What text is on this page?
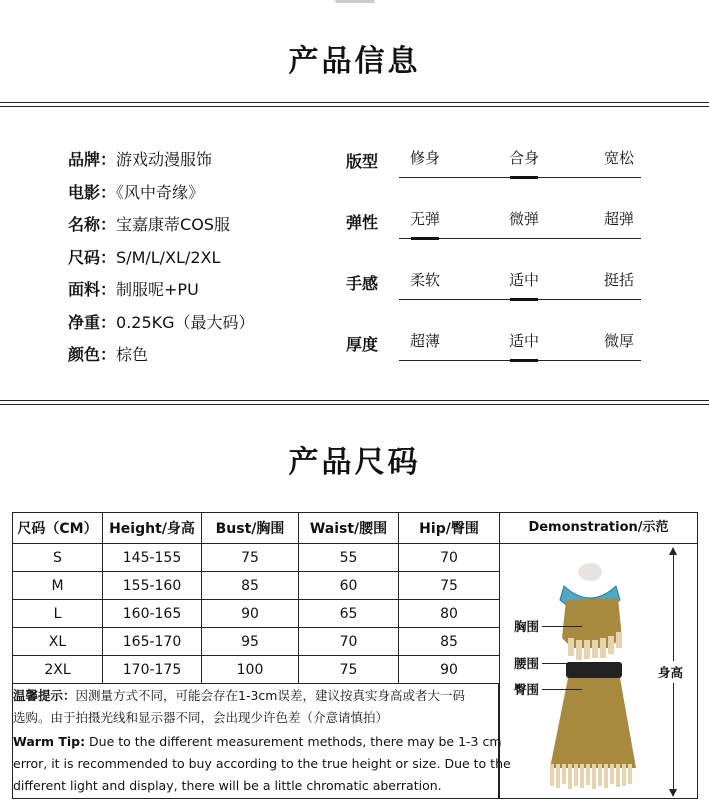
产品信息
品牌：游戏动漫服饰
电影：《风中奇缘》
名称：宝嘉康蒂COS服
尺码：S/M/L/XL/2XL
面料：制服呢+PU
净重：0.25KG（最大码）
颜色：棕色
版型	修身	合身	宽松
弹性	无弹	微弹	超弹
手感	柔软	适中	挺括
厚度	超薄	适中	微厚
产品尺码
尺码（CM）	Height/身高	Bust/胸围	Waist/腰围	Hip/臀围
S	145-155	75	55	70
M	155-160	85	60	75
L	160-165	90	65	80
XL	165-170	95	70	85
2XL	170-175	100	75	90
温馨提示：因测量方式不同，可能会存在1-3cm误差，建议按真实身高或者大一码
选购。由于拍摄光线和显示器不同，会出现少许色差（介意请慎拍）
Warm Tip: Due to the different measurement methods, there may be 1-3 cm
error, it is recommended to buy according to the true height or size. Due to the
different light and display, there will be a little chromatic aberration.
Demonstration/示范
胸围
腰围
臀围
身高
